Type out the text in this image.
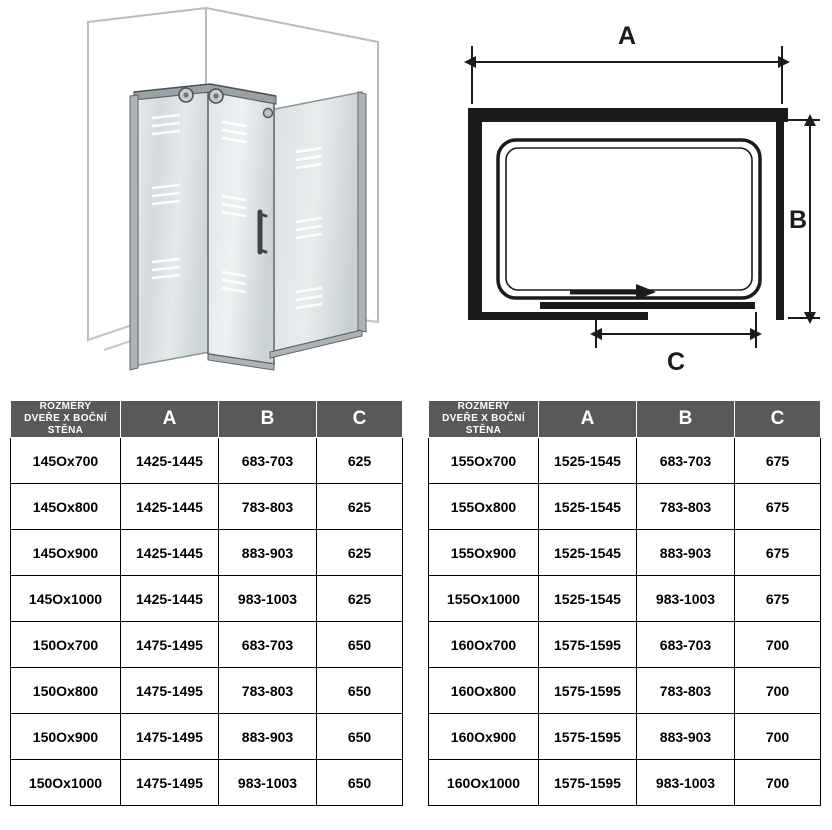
A
B
C
ROZMĚRY
DVEŘE X BOČNÍ STĚNA	A	B	C
145Ox700	1425-1445	683-703	625
145Ox800	1425-1445	783-803	625
145Ox900	1425-1445	883-903	625
145Ox1000	1425-1445	983-1003	625
150Ox700	1475-1495	683-703	650
150Ox800	1475-1495	783-803	650
150Ox900	1475-1495	883-903	650
150Ox1000	1475-1495	983-1003	650
ROZMĚRY
DVEŘE X BOČNÍ STĚNA	A	B	C
155Ox700	1525-1545	683-703	675
155Ox800	1525-1545	783-803	675
155Ox900	1525-1545	883-903	675
155Ox1000	1525-1545	983-1003	675
160Ox700	1575-1595	683-703	700
160Ox800	1575-1595	783-803	700
160Ox900	1575-1595	883-903	700
160Ox1000	1575-1595	983-1003	700
